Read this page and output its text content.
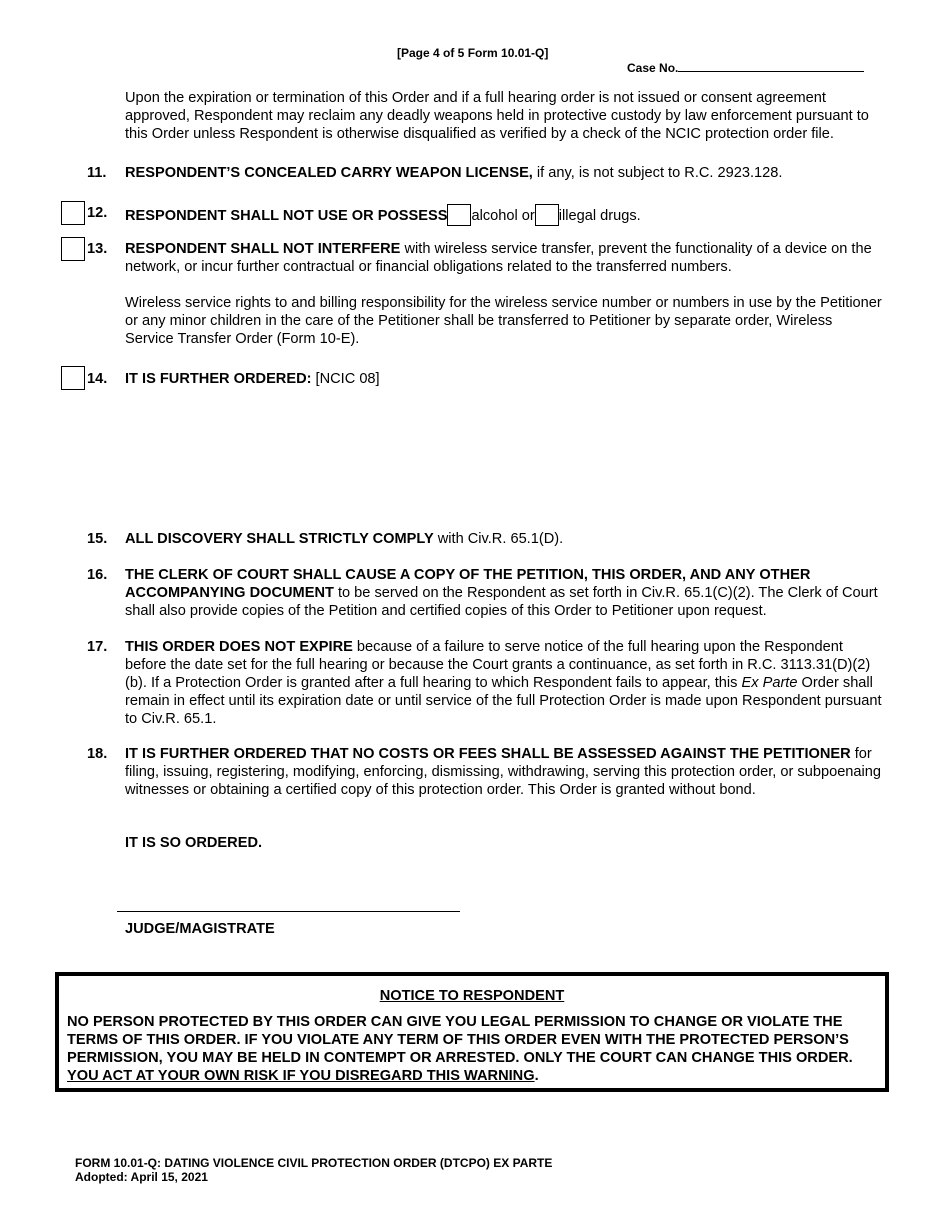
[Page 4 of 5 Form 10.01-Q]
Case No.
Upon the expiration or termination of this Order and if a full hearing order is not issued or consent agreement approved, Respondent may reclaim any deadly weapons held in protective custody by law enforcement pursuant to this Order unless Respondent is otherwise disqualified as verified by a check of the NCIC protection order file.
11. RESPONDENT’S CONCEALED CARRY WEAPON LICENSE, if any, is not subject to R.C. 2923.128.
12. RESPONDENT SHALL NOT USE OR POSSESS alcohol or illegal drugs.
13. RESPONDENT SHALL NOT INTERFERE with wireless service transfer, prevent the functionality of a device on the network, or incur further contractual or financial obligations related to the transferred numbers.
Wireless service rights to and billing responsibility for the wireless service number or numbers in use by the Petitioner or any minor children in the care of the Petitioner shall be transferred to Petitioner by separate order, Wireless Service Transfer Order (Form 10-E).
14. IT IS FURTHER ORDERED: [NCIC 08]
15. ALL DISCOVERY SHALL STRICTLY COMPLY with Civ.R. 65.1(D).
16. THE CLERK OF COURT SHALL CAUSE A COPY OF THE PETITION, THIS ORDER, AND ANY OTHER ACCOMPANYING DOCUMENT to be served on the Respondent as set forth in Civ.R. 65.1(C)(2). The Clerk of Court shall also provide copies of the Petition and certified copies of this Order to Petitioner upon request.
17. THIS ORDER DOES NOT EXPIRE because of a failure to serve notice of the full hearing upon the Respondent before the date set for the full hearing or because the Court grants a continuance, as set forth in R.C. 3113.31(D)(2)(b). If a Protection Order is granted after a full hearing to which Respondent fails to appear, this Ex Parte Order shall remain in effect until its expiration date or until service of the full Protection Order is made upon Respondent pursuant to Civ.R. 65.1.
18. IT IS FURTHER ORDERED THAT NO COSTS OR FEES SHALL BE ASSESSED AGAINST THE PETITIONER for filing, issuing, registering, modifying, enforcing, dismissing, withdrawing, serving this protection order, or subpoenaing witnesses or obtaining a certified copy of this protection order. This Order is granted without bond.
IT IS SO ORDERED.
JUDGE/MAGISTRATE
NOTICE TO RESPONDENT
NO PERSON PROTECTED BY THIS ORDER CAN GIVE YOU LEGAL PERMISSION TO CHANGE OR VIOLATE THE TERMS OF THIS ORDER. IF YOU VIOLATE ANY TERM OF THIS ORDER EVEN WITH THE PROTECTED PERSON’S PERMISSION, YOU MAY BE HELD IN CONTEMPT OR ARRESTED. ONLY THE COURT CAN CHANGE THIS ORDER. YOU ACT AT YOUR OWN RISK IF YOU DISREGARD THIS WARNING.
FORM 10.01-Q: DATING VIOLENCE CIVIL PROTECTION ORDER (DTCPO) EX PARTE
Adopted: April 15, 2021
